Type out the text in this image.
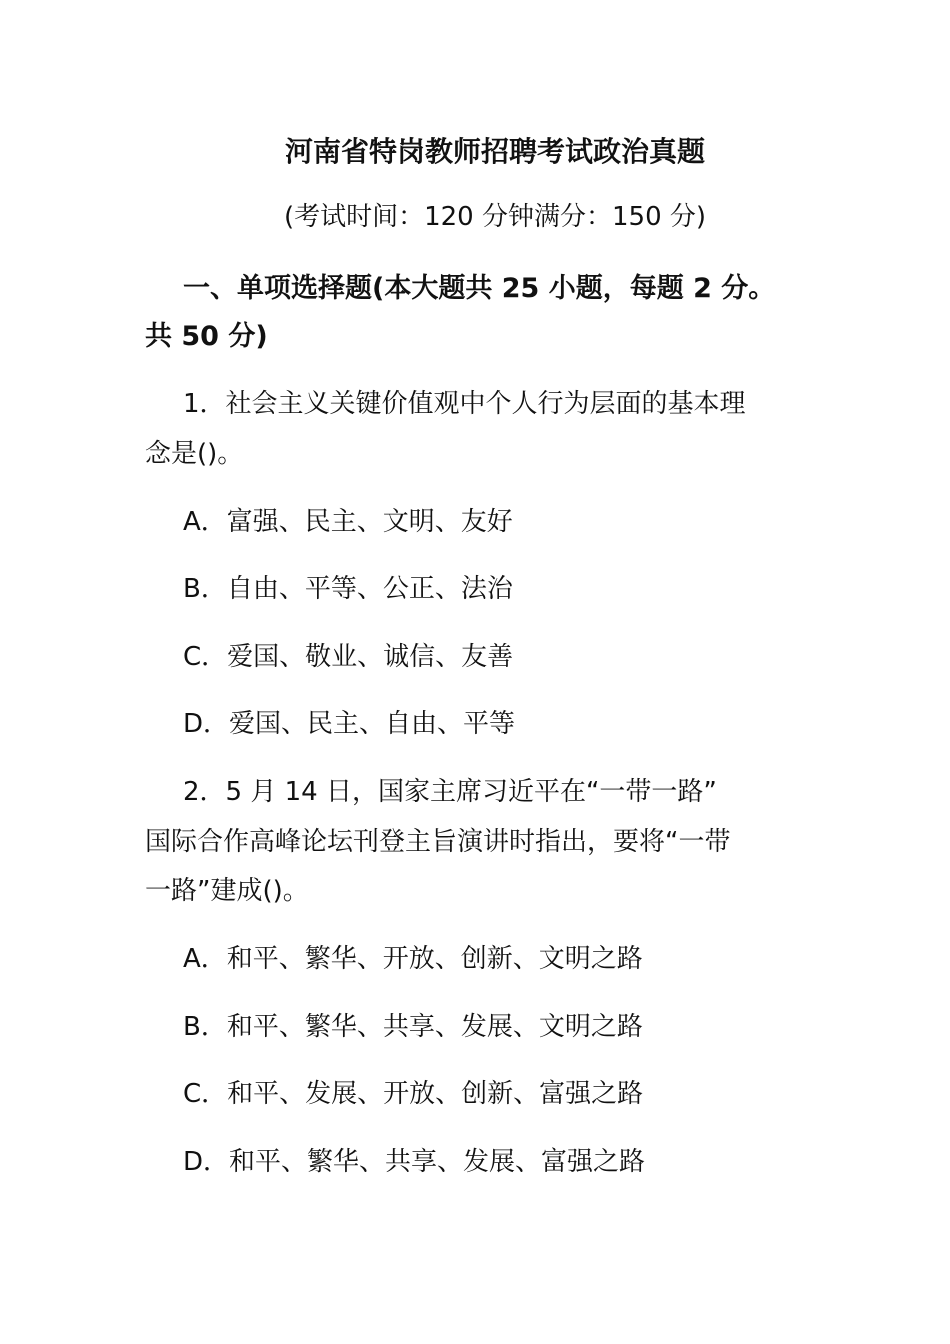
河南省特岗教师招聘考试政治真题
(考试时间：120 分钟满分：150 分)
一、单项选择题(本大题共 25 小题，每题 2 分。
共 50 分)
1．社会主义关键价值观中个人行为层面的基本理
念是()。
A．富强、民主、文明、友好
B．自由、平等、公正、法治
C．爱国、敬业、诚信、友善
D．爱国、民主、自由、平等
2．5 月 14 日，国家主席习近平在“一带一路”
国际合作高峰论坛刊登主旨演讲时指出，要将“一带
一路”建成()。
A．和平、繁华、开放、创新、文明之路
B．和平、繁华、共享、发展、文明之路
C．和平、发展、开放、创新、富强之路
D．和平、繁华、共享、发展、富强之路
